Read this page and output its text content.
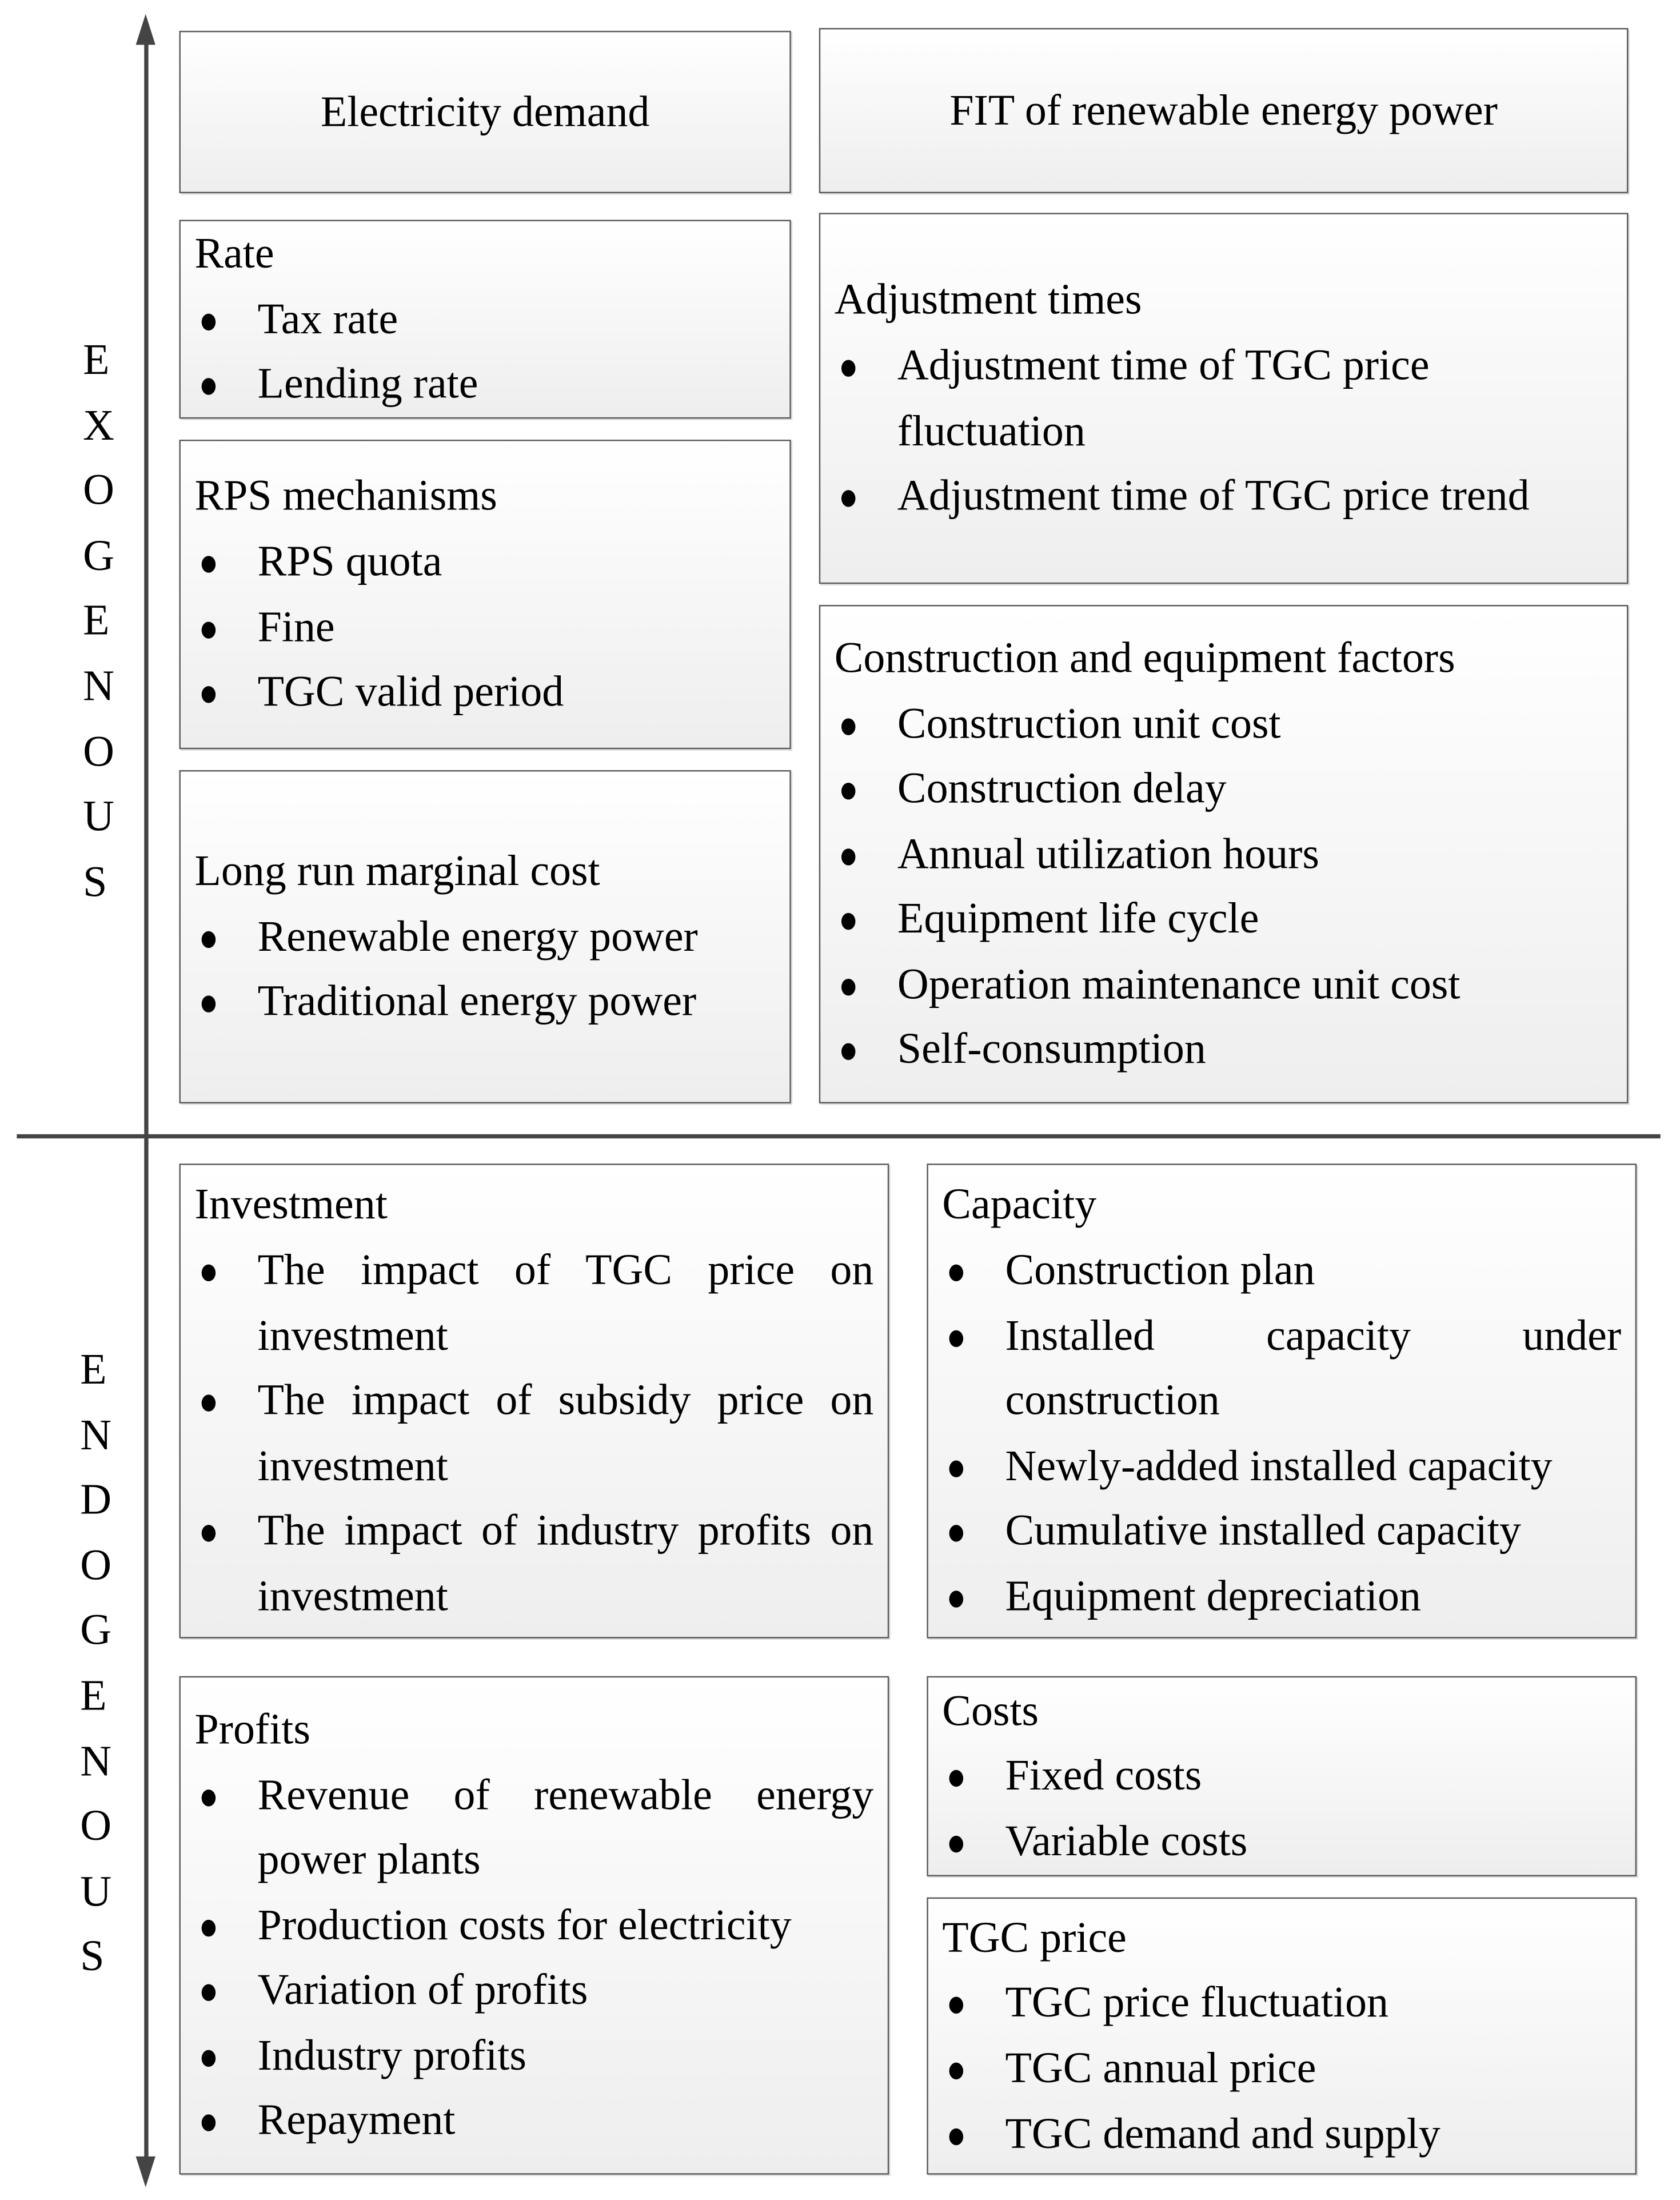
EXOGENOUS
ENDOGENOUS
Electricity demand	FIT of renewable energy power
Rate
Tax rate
Lending rate
RPS mechanisms
RPS quota
Fine
TGC valid period
Long run marginal cost
Renewable energy power
Traditional energy power
Adjustment times
Adjustment time of TGC price fluctuation
Adjustment time of TGC price trend
Construction and equipment factors
Construction unit cost
Construction delay
Annual utilization hours
Equipment life cycle
Operation maintenance unit cost
Self-consumption
Investment
The impact of TGC price on investment
The impact of subsidy price on investment
The impact of industry profits on investment
Profits
Revenue of renewable energy power plants
Production costs for electricity
Variation of profits
Industry profits
Repayment
Capacity
Construction plan
Installed capacity under construction
Newly-added installed capacity
Cumulative installed capacity
Equipment depreciation
Costs
Fixed costs
Variable costs
TGC price
TGC price fluctuation
TGC annual price
TGC demand and supply
